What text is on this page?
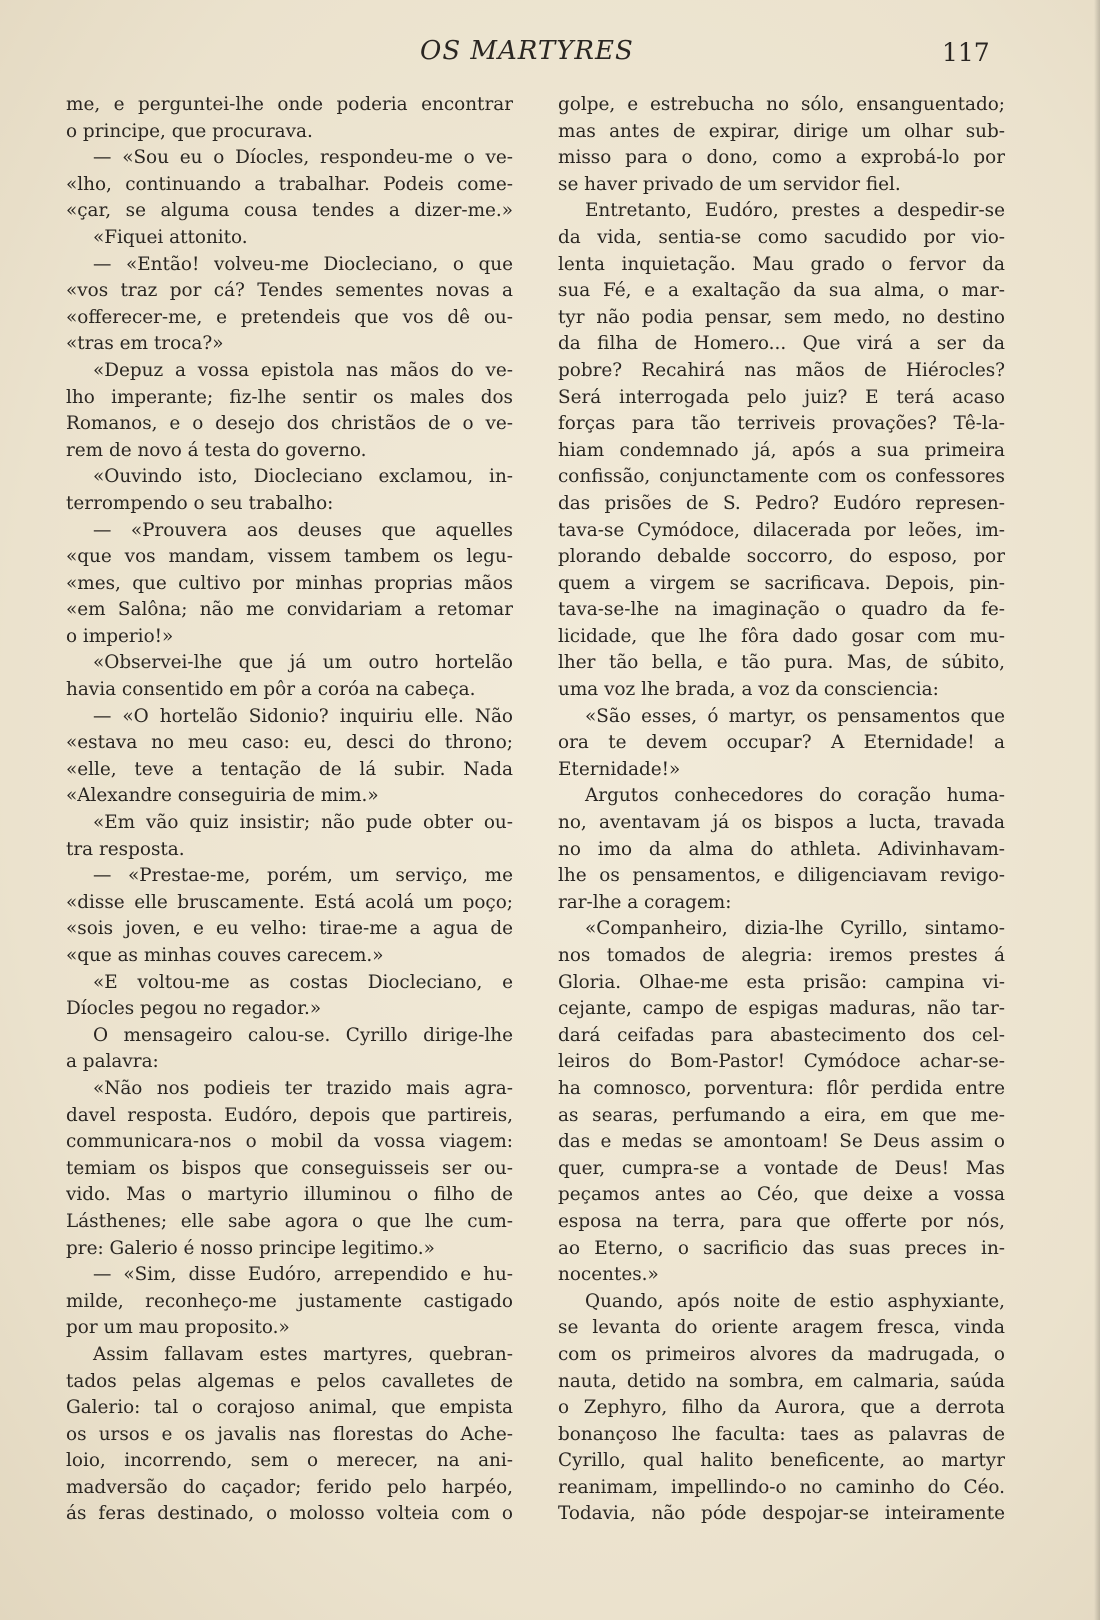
OS MARTYRES	117
me, e perguntei-lhe onde poderia encontrar
o principe, que procurava.
— «Sou eu o Díocles, respondeu-me o ve-
«lho, continuando a trabalhar. Podeis come-
«çar, se alguma cousa tendes a dizer-me.»
«Fiquei attonito.
— «Então! volveu-me Diocleciano, o que
«vos traz por cá? Tendes sementes novas a
«offerecer-me, e pretendeis que vos dê ou-
«tras em troca?»
«Depuz a vossa epistola nas mãos do ve-
lho imperante; fiz-lhe sentir os males dos
Romanos, e o desejo dos christãos de o ve-
rem de novo á testa do governo.
«Ouvindo isto, Diocleciano exclamou, in-
terrompendo o seu trabalho:
— «Prouvera aos deuses que aquelles
«que vos mandam, vissem tambem os legu-
«mes, que cultivo por minhas proprias mãos
«em Salôna; não me convidariam a retomar
o imperio!»
«Observei-lhe que já um outro hortelão
havia consentido em pôr a coróa na cabeça.
— «O hortelão Sidonio? inquiriu elle. Não
«estava no meu caso: eu, desci do throno;
«elle, teve a tentação de lá subir. Nada
«Alexandre conseguiria de mim.»
«Em vão quiz insistir; não pude obter ou-
tra resposta.
— «Prestae-me, porém, um serviço, me
«disse elle bruscamente. Está acolá um poço;
«sois joven, e eu velho: tirae-me a agua de
«que as minhas couves carecem.»
«E voltou-me as costas Diocleciano, e
Díocles pegou no regador.»
O mensageiro calou-se. Cyrillo dirige-lhe
a palavra:
«Não nos podieis ter trazido mais agra-
davel resposta. Eudóro, depois que partireis,
communicara-nos o mobil da vossa viagem:
temiam os bispos que conseguisseis ser ou-
vido. Mas o martyrio illuminou o filho de
Lásthenes; elle sabe agora o que lhe cum-
pre: Galerio é nosso principe legitimo.»
— «Sim, disse Eudóro, arrependido e hu-
milde, reconheço-me justamente castigado
por um mau proposito.»
Assim fallavam estes martyres, quebran-
tados pelas algemas e pelos cavalletes de
Galerio: tal o corajoso animal, que empista
os ursos e os javalis nas florestas do Ache-
loio, incorrendo, sem o merecer, na ani-
madversão do caçador; ferido pelo harpéo,
ás feras destinado, o molosso volteia com o
golpe, e estrebucha no sólo, ensanguentado;
mas antes de expirar, dirige um olhar sub-
misso para o dono, como a exprobá-lo por
se haver privado de um servidor fiel.
Entretanto, Eudóro, prestes a despedir-se
da vida, sentia-se como sacudido por vio-
lenta inquietação. Mau grado o fervor da
sua Fé, e a exaltação da sua alma, o mar-
tyr não podia pensar, sem medo, no destino
da filha de Homero... Que virá a ser da
pobre? Recahirá nas mãos de Hiérocles?
Será interrogada pelo juiz? E terá acaso
forças para tão terriveis provações? Tê-la-
hiam condemnado já, após a sua primeira
confissão, conjunctamente com os confessores
das prisões de S. Pedro? Eudóro represen-
tava-se Cymódoce, dilacerada por leões, im-
plorando debalde soccorro, do esposo, por
quem a virgem se sacrificava. Depois, pin-
tava-se-lhe na imaginação o quadro da fe-
licidade, que lhe fôra dado gosar com mu-
lher tão bella, e tão pura. Mas, de súbito,
uma voz lhe brada, a voz da consciencia:
«São esses, ó martyr, os pensamentos que
ora te devem occupar? A Eternidade! a
Eternidade!»
Argutos conhecedores do coração huma-
no, aventavam já os bispos a lucta, travada
no imo da alma do athleta. Adivinhavam-
lhe os pensamentos, e diligenciavam revigo-
rar-lhe a coragem:
«Companheiro, dizia-lhe Cyrillo, sintamo-
nos tomados de alegria: iremos prestes á
Gloria. Olhae-me esta prisão: campina vi-
cejante, campo de espigas maduras, não tar-
dará ceifadas para abastecimento dos cel-
leiros do Bom-Pastor! Cymódoce achar-se-
ha comnosco, porventura: flôr perdida entre
as searas, perfumando a eira, em que me-
das e medas se amontoam! Se Deus assim o
quer, cumpra-se a vontade de Deus! Mas
peçamos antes ao Céo, que deixe a vossa
esposa na terra, para que offerte por nós,
ao Eterno, o sacrificio das suas preces in-
nocentes.»
Quando, após noite de estio asphyxiante,
se levanta do oriente aragem fresca, vinda
com os primeiros alvores da madrugada, o
nauta, detido na sombra, em calmaria, saúda
o Zephyro, filho da Aurora, que a derrota
bonançoso lhe faculta: taes as palavras de
Cyrillo, qual halito beneficente, ao martyr
reanimam, impellindo-o no caminho do Céo.
Todavia, não póde despojar-se inteiramente
